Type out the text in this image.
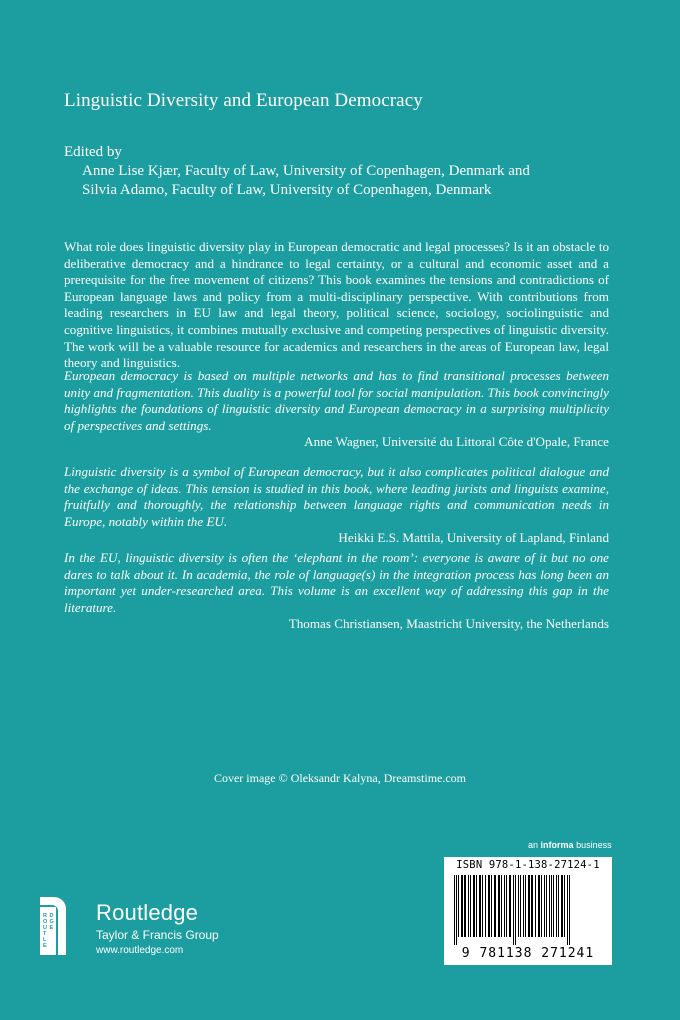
Linguistic Diversity and European Democracy
Edited by
Anne Lise Kjær, Faculty of Law, University of Copenhagen, Denmark and
Silvia Adamo, Faculty of Law, University of Copenhagen, Denmark
What role does linguistic diversity play in European democratic and legal processes? Is it an obstacle to deliberative democracy and a hindrance to legal certainty, or a cultural and economic asset and a prerequisite for the free movement of citizens? This book examines the tensions and contradictions of European language laws and policy from a multi-disciplinary perspective. With contributions from leading researchers in EU law and legal theory, political science, sociology, sociolinguistic and cognitive linguistics, it combines mutually exclusive and competing perspectives of linguistic diversity. The work will be a valuable resource for academics and researchers in the areas of European law, legal theory and linguistics.
European democracy is based on multiple networks and has to find transitional processes between unity and fragmentation. This duality is a powerful tool for social manipulation. This book convincingly highlights the foundations of linguistic diversity and European democracy in a surprising multiplicity of perspectives and settings.
Anne Wagner, Université du Littoral Côte d'Opale, France
Linguistic diversity is a symbol of European democracy, but it also complicates political dialogue and the exchange of ideas. This tension is studied in this book, where leading jurists and linguists examine, fruitfully and thoroughly, the relationship between language rights and communication needs in Europe, notably within the EU.
Heikki E.S. Mattila, University of Lapland, Finland
In the EU, linguistic diversity is often the ‘elephant in the room’: everyone is aware of it but no one dares to talk about it. In academia, the role of language(s) in the integration process has long been an important yet under-researched area. This volume is an excellent way of addressing this gap in the literature.
Thomas Christiansen, Maastricht University, the Netherlands
Cover image © Oleksandr Kalyna, Dreamstime.com
an informa business
ISBN 978-1-138-27124-1
9 781138 271241
R
O
U
T
L
E
D
G
E
Routledge
Taylor & Francis Group
www.routledge.com
